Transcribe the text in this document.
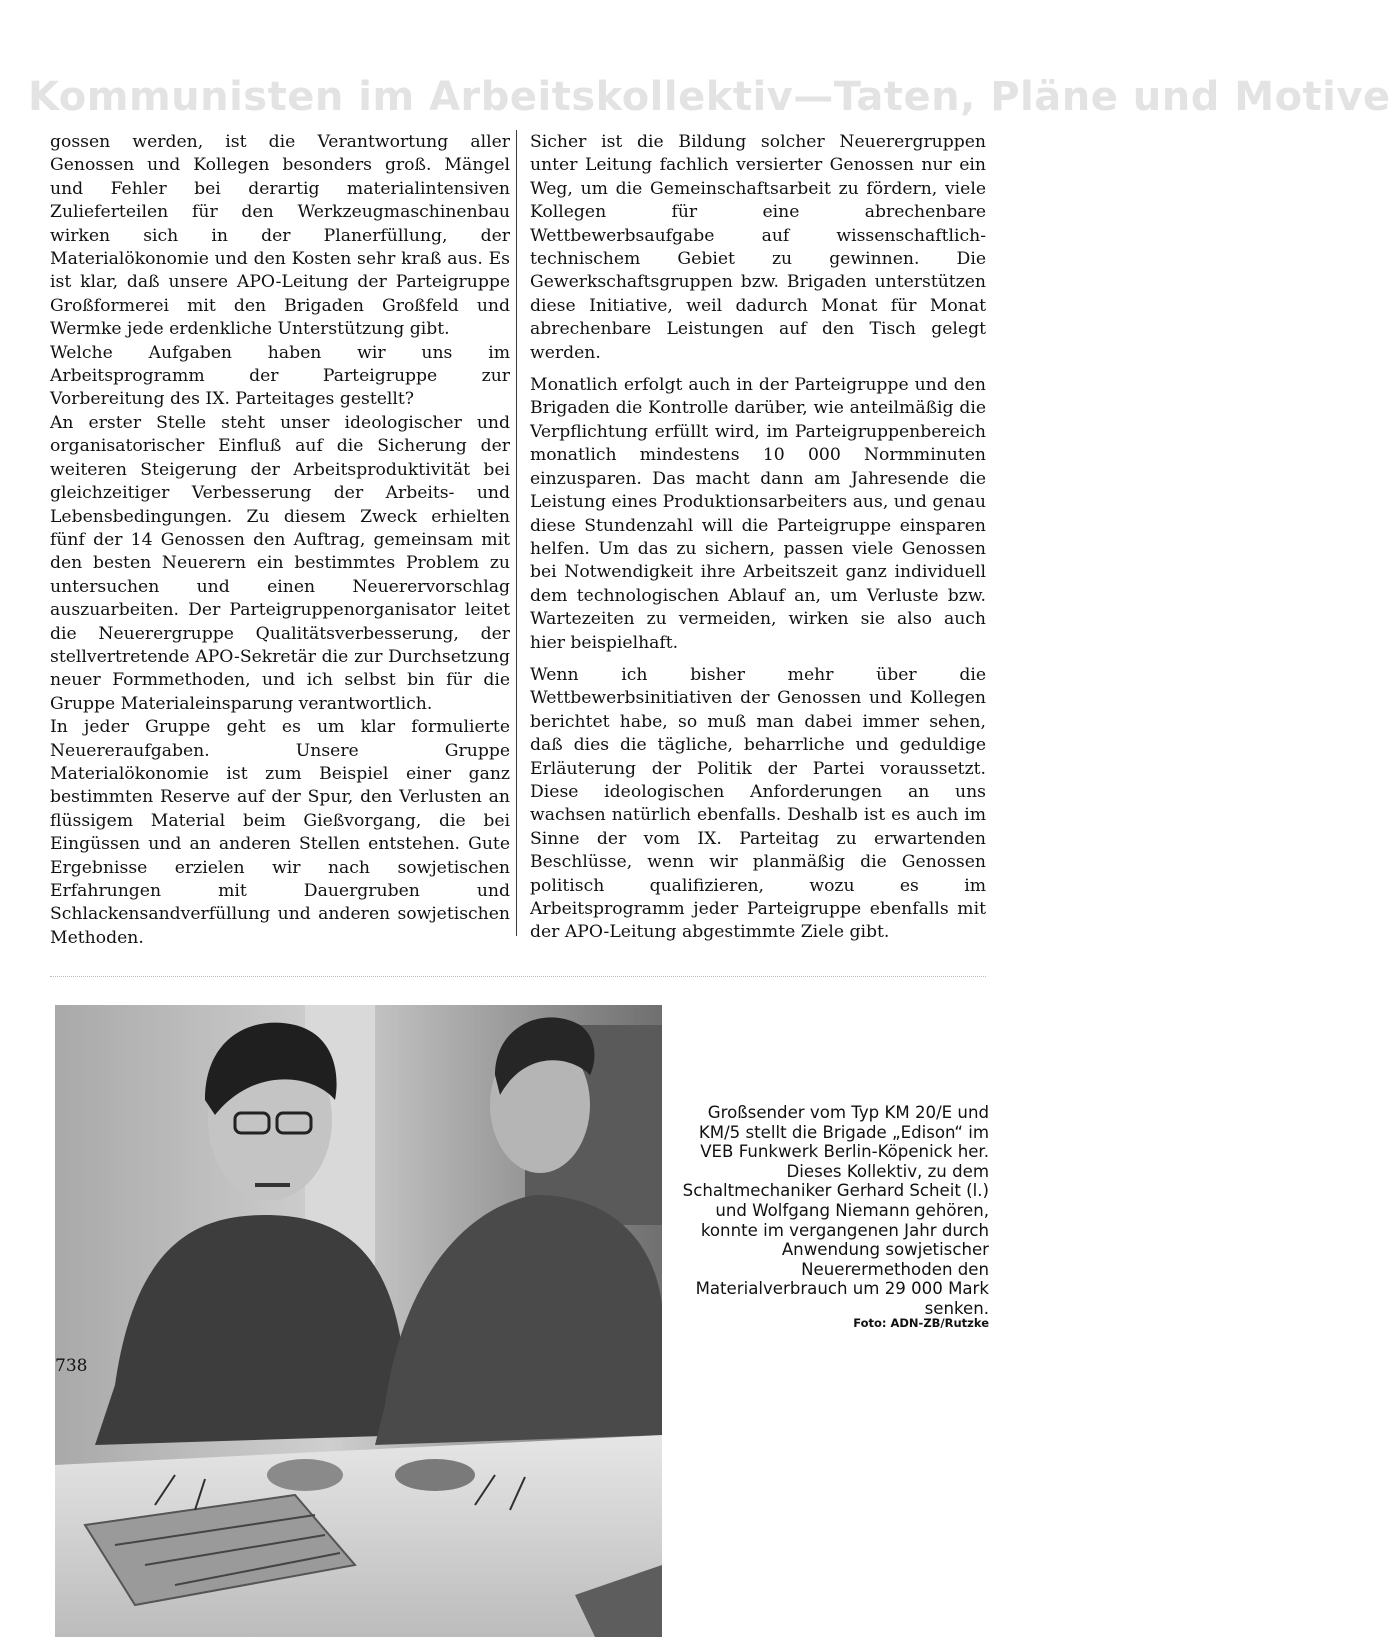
Kommunisten im Arbeitskollektiv—Taten, Pläne und Motive

gossen werden, ist die Verantwortung aller Genossen und Kollegen besonders groß. Mängel und Fehler bei derartig materialintensiven Zulieferteilen für den Werkzeugmaschinenbau wirken sich in der Planerfüllung, der Materialökonomie und den Kosten sehr kraß aus. Es ist klar, daß unsere APO-Leitung der Parteigruppe Großformerei mit den Brigaden Großfeld und Wermke jede erdenkliche Unterstützung gibt.

Welche Aufgaben haben wir uns im Arbeitsprogramm der Parteigruppe zur Vorbereitung des IX. Parteitages gestellt?

An erster Stelle steht unser ideologischer und organisatorischer Einfluß auf die Sicherung der weiteren Steigerung der Arbeitsproduktivität bei gleichzeitiger Verbesserung der Arbeits- und Lebensbedingungen. Zu diesem Zweck erhielten fünf der 14 Genossen den Auftrag, gemeinsam mit den besten Neuerern ein bestimmtes Problem zu untersuchen und einen Neuerervorschlag auszuarbeiten. Der Parteigruppenorganisator leitet die Neuerergruppe Qualitätsverbesserung, der stellvertretende APO-Sekretär die zur Durchsetzung neuer Formmethoden, und ich selbst bin für die Gruppe Materialeinsparung verantwortlich.

In jeder Gruppe geht es um klar formulierte Neuereraufgaben. Unsere Gruppe Materialökonomie ist zum Beispiel einer ganz bestimmten Reserve auf der Spur, den Verlusten an flüssigem Material beim Gießvorgang, die bei Eingüssen und an anderen Stellen entstehen. Gute Ergebnisse erzielen wir nach sowjetischen Erfahrungen mit Dauergruben und Schlackensandverfüllung und anderen sowjetischen Methoden.

Sicher ist die Bildung solcher Neuerergruppen unter Leitung fachlich versierter Genossen nur ein Weg, um die Gemeinschaftsarbeit zu fördern, viele Kollegen für eine abrechenbare Wettbewerbsaufgabe auf wissenschaftlich-technischem Gebiet zu gewinnen. Die Gewerkschaftsgruppen bzw. Brigaden unterstützen diese Initiative, weil dadurch Monat für Monat abrechenbare Leistungen auf den Tisch gelegt werden.

Monatlich erfolgt auch in der Parteigruppe und den Brigaden die Kontrolle darüber, wie anteilmäßig die Verpflichtung erfüllt wird, im Parteigruppenbereich monatlich mindestens 10 000 Normminuten einzusparen. Das macht dann am Jahresende die Leistung eines Produktionsarbeiters aus, und genau diese Stundenzahl will die Parteigruppe einsparen helfen. Um das zu sichern, passen viele Genossen bei Notwendigkeit ihre Arbeitszeit ganz individuell dem technologischen Ablauf an, um Verluste bzw. Wartezeiten zu vermeiden, wirken sie also auch hier beispielhaft.

Wenn ich bisher mehr über die Wettbewerbsinitiativen der Genossen und Kollegen berichtet habe, so muß man dabei immer sehen, daß dies die tägliche, beharrliche und geduldige Erläuterung der Politik der Partei voraussetzt. Diese ideologischen Anforderungen an uns wachsen natürlich ebenfalls. Deshalb ist es auch im Sinne der vom IX. Parteitag zu erwartenden Beschlüsse, wenn wir planmäßig die Genossen politisch qualifizieren, wozu es im Arbeitsprogramm jeder Parteigruppe ebenfalls mit der APO-Leitung abgestimmte Ziele gibt.

Großsender vom Typ KM 20/E und KM/5 stellt die Brigade „Edison“ im VEB Funkwerk Berlin-Köpenick her. Dieses Kollektiv, zu dem Schaltmechaniker Gerhard Scheit (l.) und Wolfgang Niemann gehören, konnte im vergangenen Jahr durch Anwendung sowjetischer Neuerermethoden den Materialverbrauch um 29 000 Mark senken.
Foto: ADN-ZB/Rutzke
738
